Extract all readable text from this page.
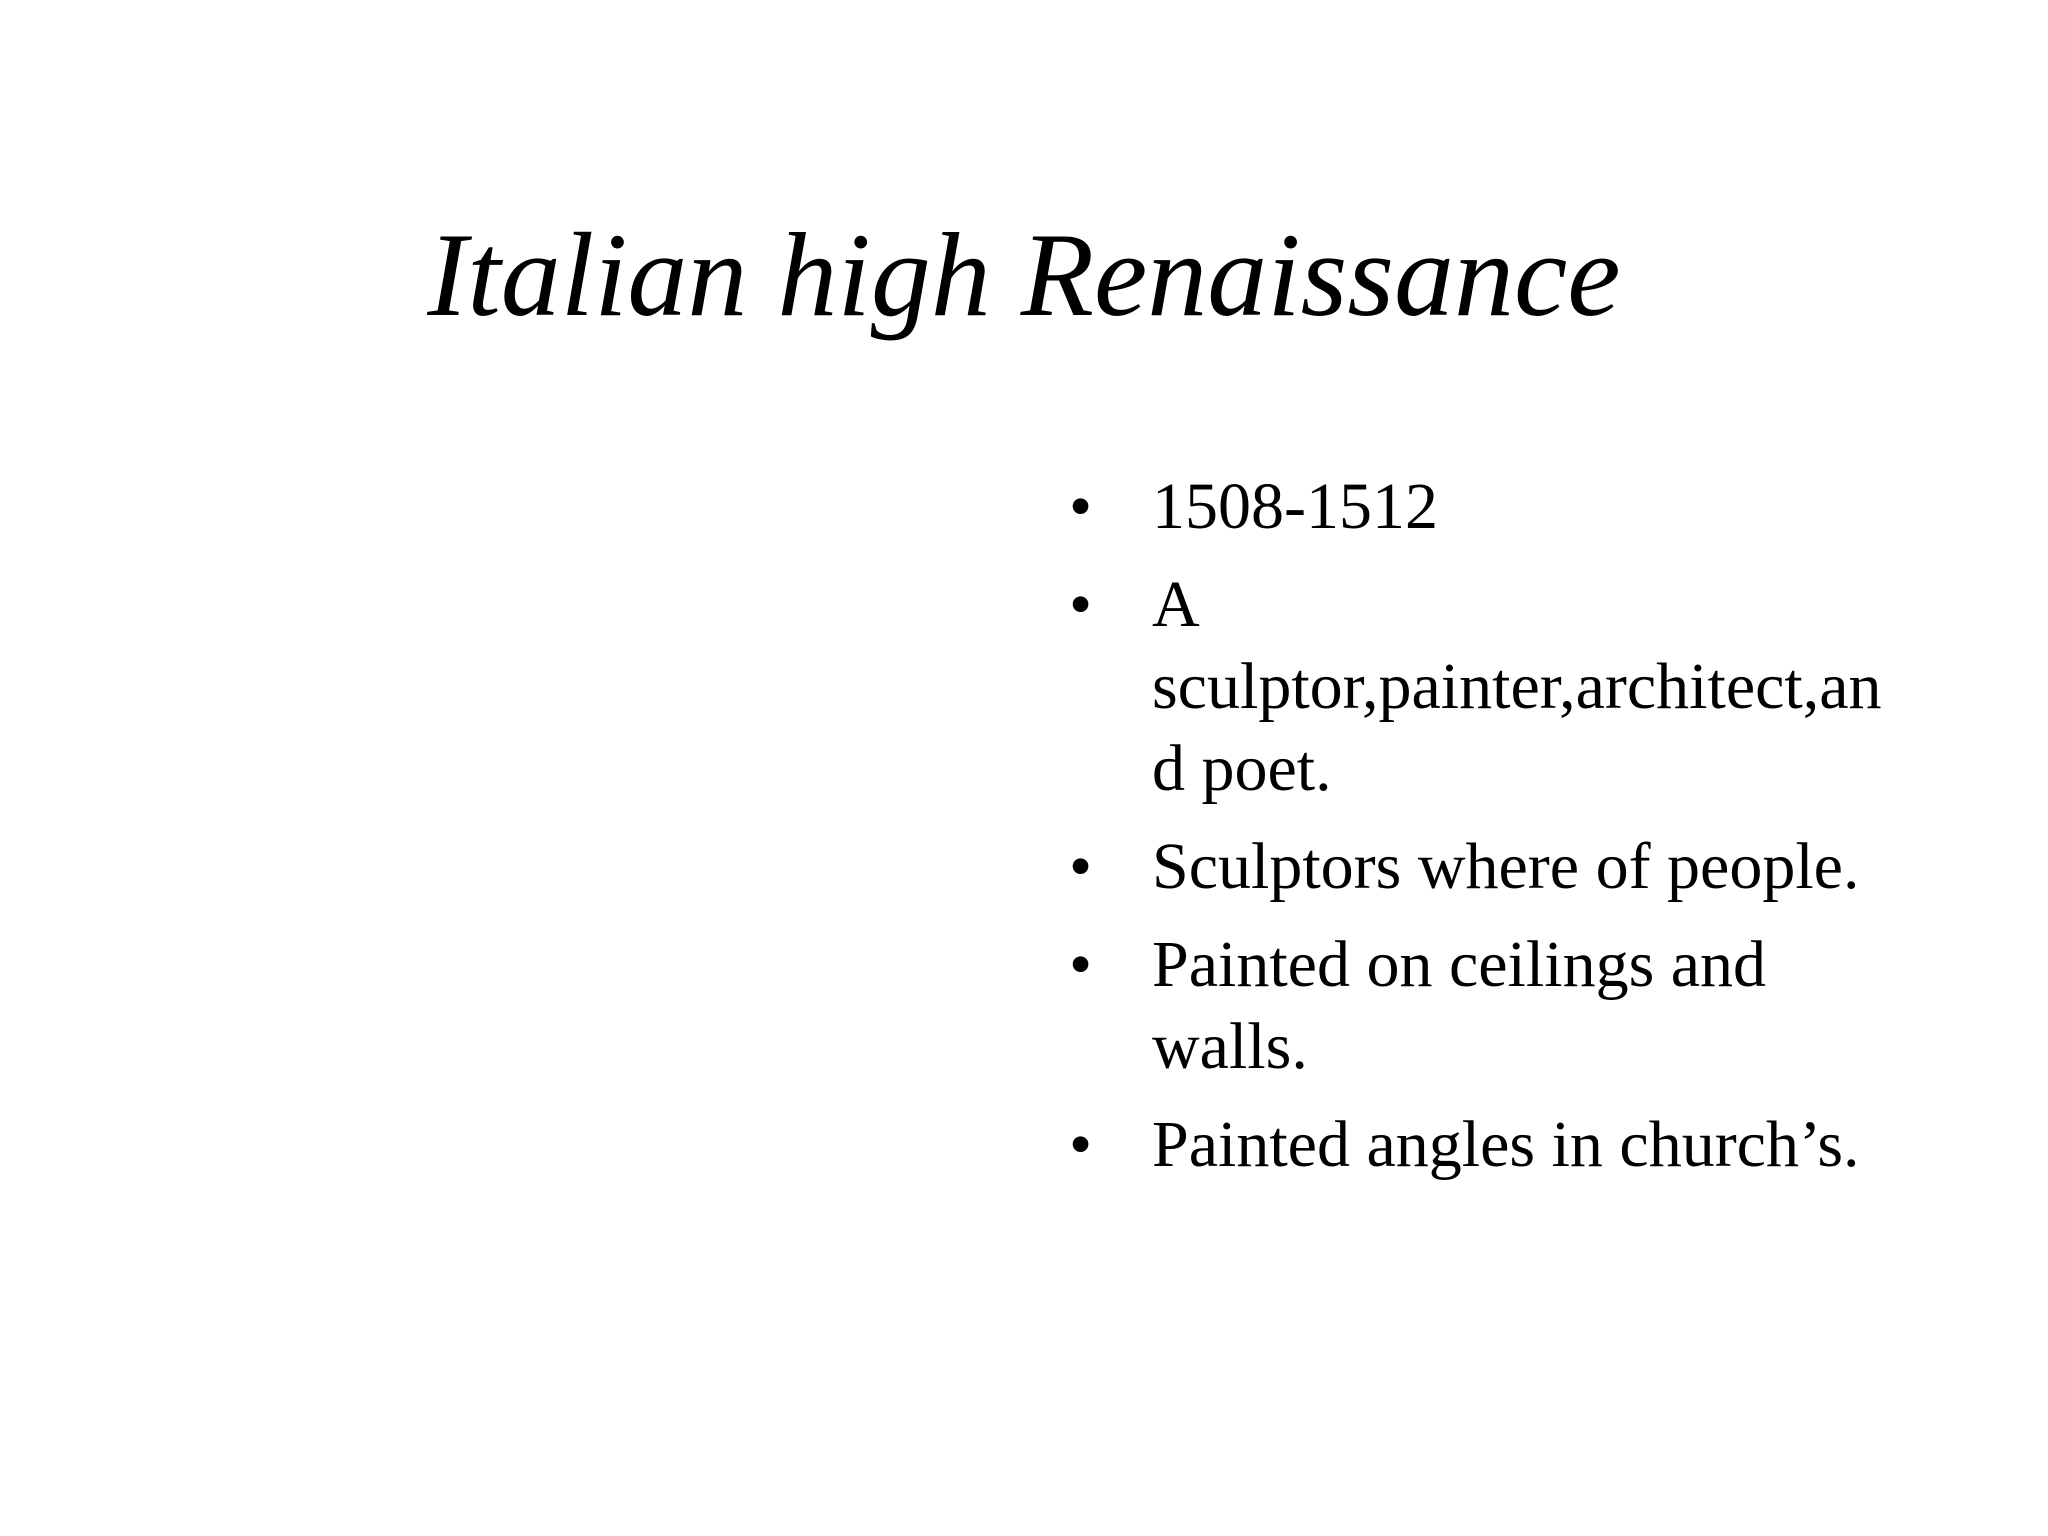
Italian high Renaissance
• 1508-1512
• A sculptor,painter,architect,and poet.
• Sculptors where of people.
• Painted on ceilings and walls.
• Painted angles in church’s.
